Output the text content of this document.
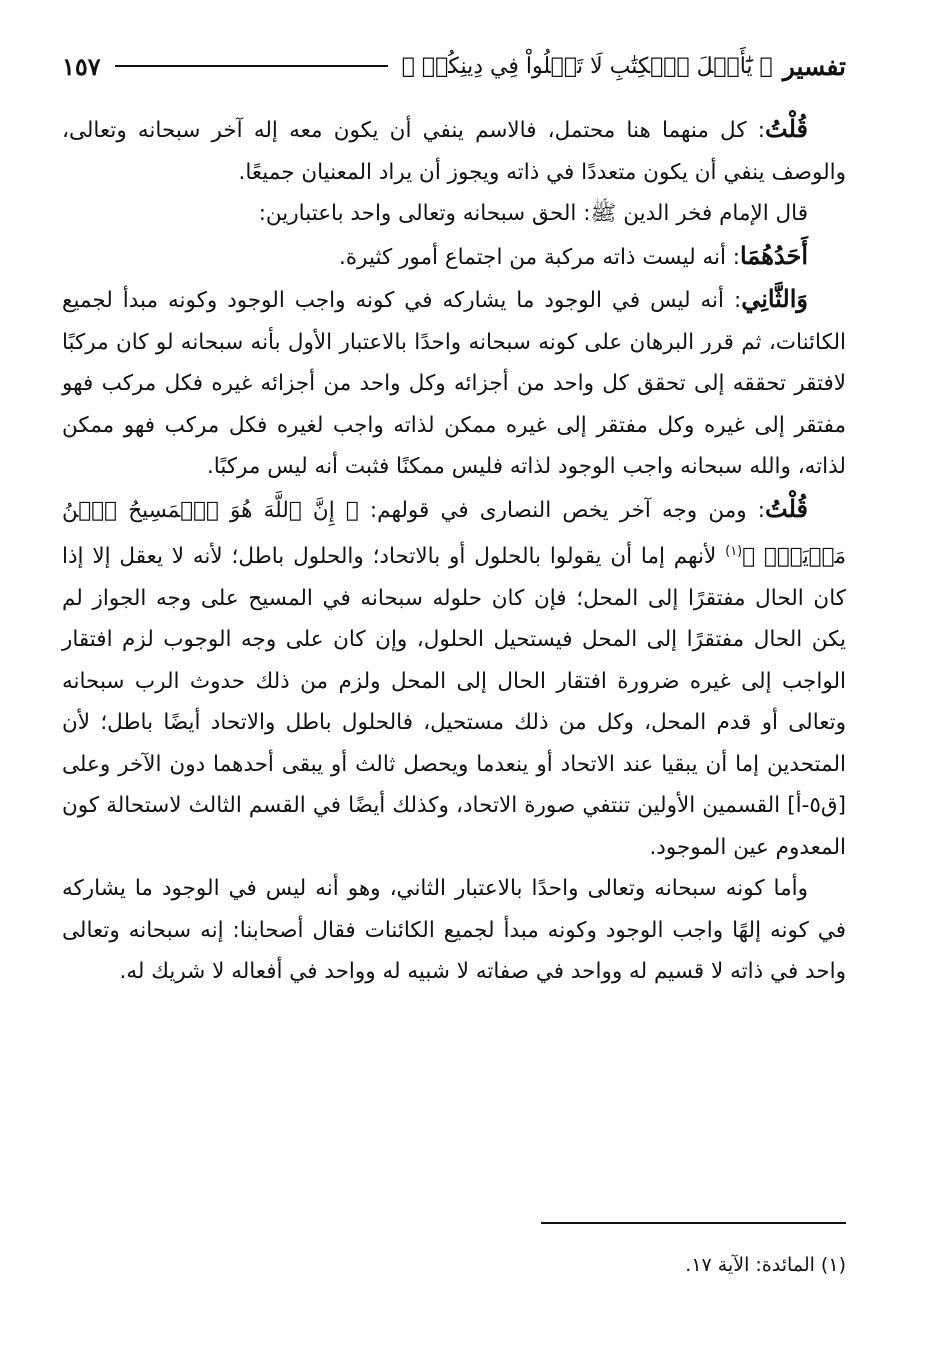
تفسير
﴿ يَٰٓأَهۡلَ ٱلۡكِتَٰبِ لَا تَغۡلُواْ فِي دِينِكُمۡ ﴾
١٥٧

قُلْتُ: كل منهما هنا محتمل، فالاسم ينفي أن يكون معه إله آخر سبحانه وتعالى، والوصف ينفي أن يكون متعددًا في ذاته ويجوز أن يراد المعنيان جميعًا.

قال الإمام فخر الدين ﷺ: الحق سبحانه وتعالى واحد باعتبارين:

أَحَدُهُمَا: أنه ليست ذاته مركبة من اجتماع أمور كثيرة.

وَالثَّانِي: أنه ليس في الوجود ما يشاركه في كونه واجب الوجود وكونه مبدأ لجميع الكائنات، ثم قرر البرهان على كونه سبحانه واحدًا بالاعتبار الأول بأنه سبحانه لو كان مركبًا لافتقر تحققه إلى تحقق كل واحد من أجزائه وكل واحد من أجزائه غيره فكل مركب فهو مفتقر إلى غيره وكل مفتقر إلى غيره ممكن لذاته واجب لغيره فكل مركب فهو ممكن لذاته، والله سبحانه واجب الوجود لذاته فليس ممكنًا فثبت أنه ليس مركبًا.

قُلْتُ: ومن وجه آخر يخص النصارى في قولهم: ﴿ إِنَّ ٱللَّهَ هُوَ ٱلۡمَسِيحُ ٱبۡنُ مَرۡيَمَۖ ﴾$^{(١)}$ لأنهم إما أن يقولوا بالحلول أو بالاتحاد؛ والحلول باطل؛ لأنه لا يعقل إلا إذا كان الحال مفتقرًا إلى المحل؛ فإن كان حلوله سبحانه في المسيح على وجه الجواز لم يكن الحال مفتقرًا إلى المحل فيستحيل الحلول، وإن كان على وجه الوجوب لزم افتقار الواجب إلى غيره ضرورة افتقار الحال إلى المحل ولزم من ذلك حدوث الرب سبحانه وتعالى أو قدم المحل، وكل من ذلك مستحيل، فالحلول باطل والاتحاد أيضًا باطل؛ لأن المتحدين إما أن يبقيا عند الاتحاد أو ينعدما ويحصل ثالث أو يبقى أحدهما دون الآخر وعلى [ق٥-أ] القسمين الأولين تنتفي صورة الاتحاد، وكذلك أيضًا في القسم الثالث لاستحالة كون المعدوم عين الموجود.

وأما كونه سبحانه وتعالى واحدًا بالاعتبار الثاني، وهو أنه ليس في الوجود ما يشاركه في كونه إلهًا واجب الوجود وكونه مبدأ لجميع الكائنات فقال أصحابنا: إنه سبحانه وتعالى واحد في ذاته لا قسيم له وواحد في صفاته لا شبيه له وواحد في أفعاله لا شريك له.

(١) المائدة: الآية ١٧.
